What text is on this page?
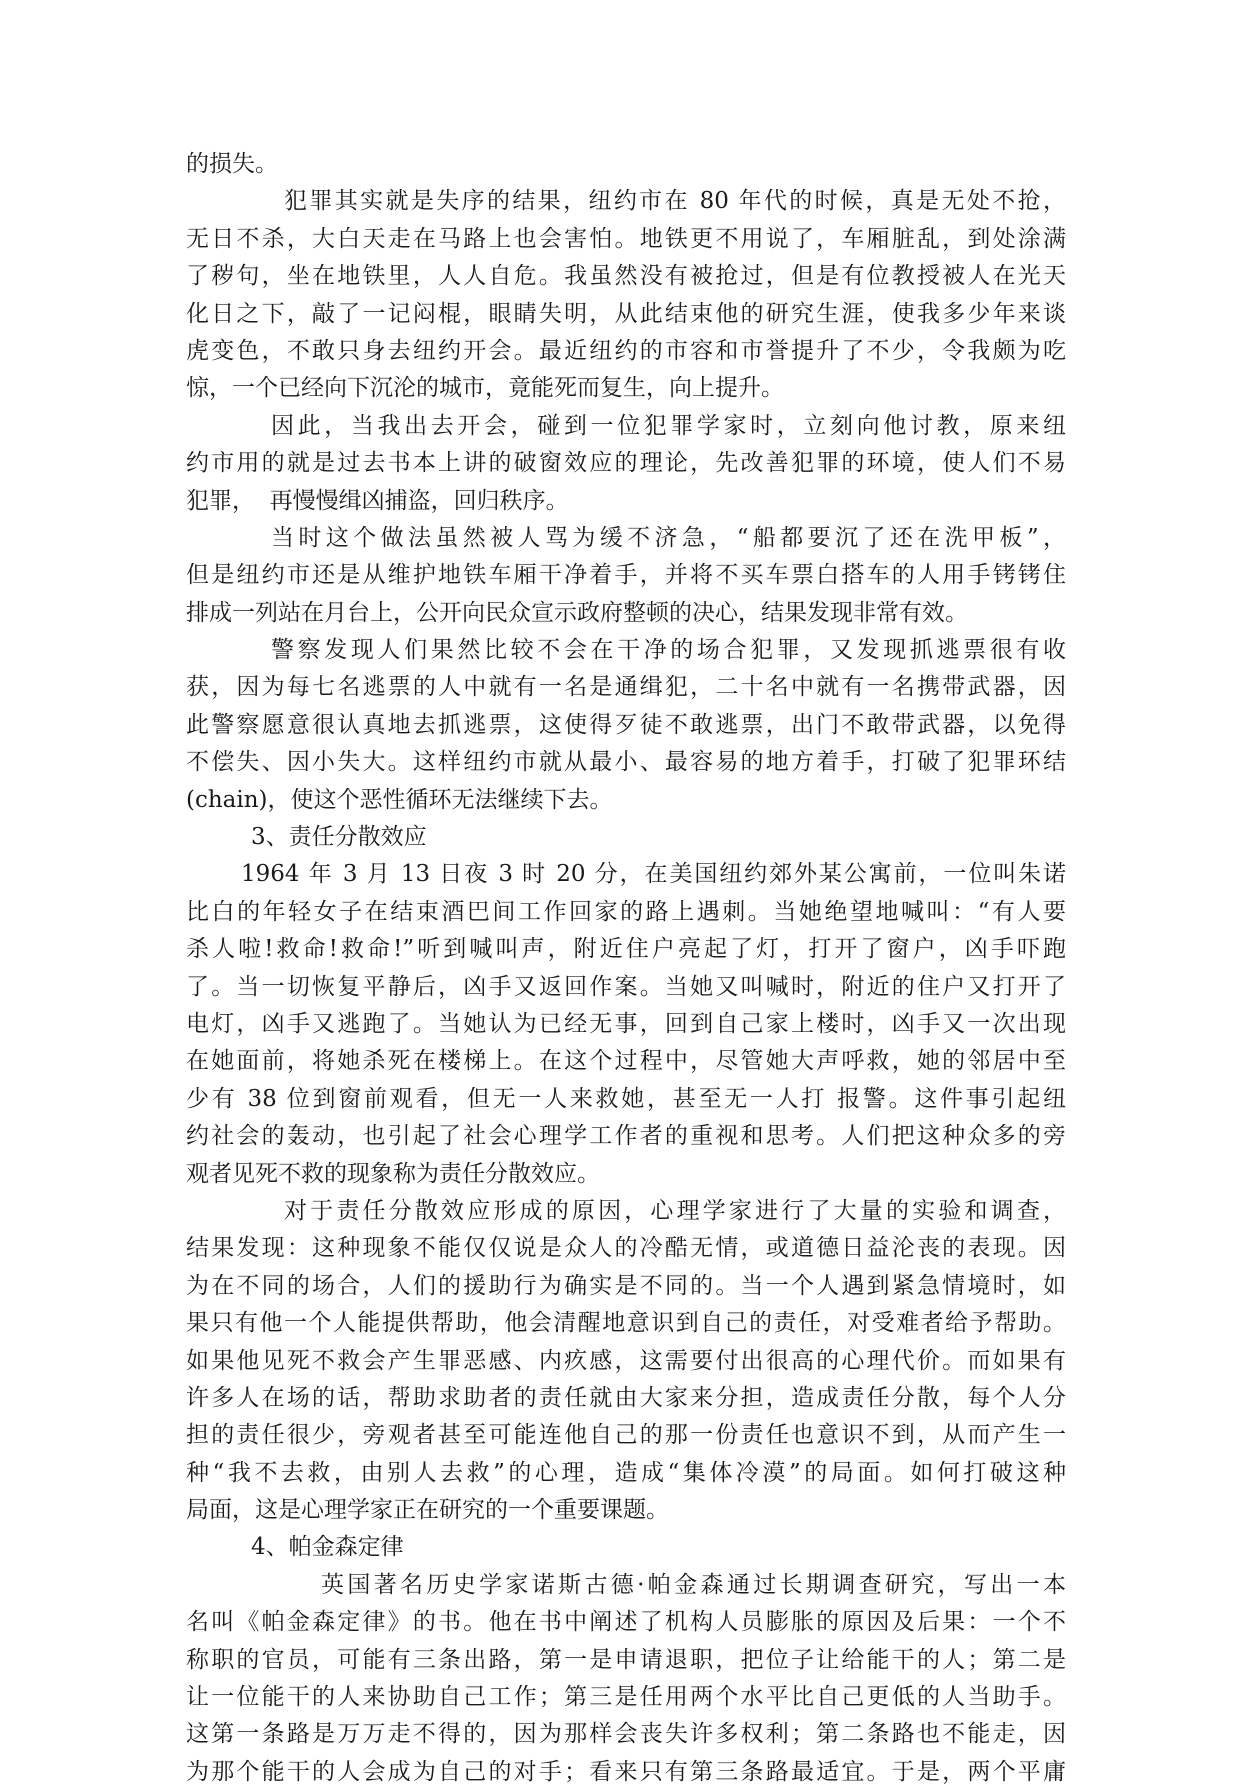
的损失。
犯罪其实就是失序的结果，纽约市在 80 年代的时候，真是无处不抢，
无日不杀，大白天走在马路上也会害怕。地铁更不用说了，车厢脏乱，到处涂满
了秽句，坐在地铁里，人人自危。我虽然没有被抢过，但是有位教授被人在光天
化日之下，敲了一记闷棍，眼睛失明，从此结束他的研究生涯，使我多少年来谈
虎变色，不敢只身去纽约开会。最近纽约的市容和市誉提升了不少，令我颇为吃
惊，一个已经向下沉沦的城市，竟能死而复生，向上提升。
因此，当我出去开会，碰到一位犯罪学家时，立刻向他讨教，原来纽
约市用的就是过去书本上讲的破窗效应的理论，先改善犯罪的环境，使人们不易
犯罪，  再慢慢缉凶捕盗，回归秩序。
当时这个做法虽然被人骂为缓不济急，“船都要沉了还在洗甲板”，
但是纽约市还是从维护地铁车厢干净着手，并将不买车票白搭车的人用手铐铐住
排成一列站在月台上，公开向民众宣示政府整顿的决心，结果发现非常有效。
警察发现人们果然比较不会在干净的场合犯罪，又发现抓逃票很有收
获，因为每七名逃票的人中就有一名是通缉犯，二十名中就有一名携带武器，因
此警察愿意很认真地去抓逃票，这使得歹徒不敢逃票，出门不敢带武器，以免得
不偿失、因小失大。这样纽约市就从最小、最容易的地方着手，打破了犯罪环结
(chain)，使这个恶性循环无法继续下去。
3、责任分散效应
1964 年 3 月 13 日夜 3 时 20 分，在美国纽约郊外某公寓前，一位叫朱诺
比白的年轻女子在结束酒巴间工作回家的路上遇刺。当她绝望地喊叫：“有人要
杀人啦!救命!救命!”听到喊叫声，附近住户亮起了灯，打开了窗户，凶手吓跑
了。当一切恢复平静后，凶手又返回作案。当她又叫喊时，附近的住户又打开了
电灯，凶手又逃跑了。当她认为已经无事，回到自己家上楼时，凶手又一次出现
在她面前，将她杀死在楼梯上。在这个过程中，尽管她大声呼救，她的邻居中至
少有 38 位到窗前观看，但无一人来救她，甚至无一人打 报警。这件事引起纽
约社会的轰动，也引起了社会心理学工作者的重视和思考。人们把这种众多的旁
观者见死不救的现象称为责任分散效应。
对于责任分散效应形成的原因，心理学家进行了大量的实验和调查，
结果发现：这种现象不能仅仅说是众人的冷酷无情，或道德日益沦丧的表现。因
为在不同的场合，人们的援助行为确实是不同的。当一个人遇到紧急情境时，如
果只有他一个人能提供帮助，他会清醒地意识到自己的责任，对受难者给予帮助。
如果他见死不救会产生罪恶感、内疚感，这需要付出很高的心理代价。而如果有
许多人在场的话，帮助求助者的责任就由大家来分担，造成责任分散，每个人分
担的责任很少，旁观者甚至可能连他自己的那一份责任也意识不到，从而产生一
种“我不去救，由别人去救”的心理，造成“集体冷漠”的局面。如何打破这种
局面，这是心理学家正在研究的一个重要课题。
4、帕金森定律
英国著名历史学家诺斯古德·帕金森通过长期调查研究，写出一本
名叫《帕金森定律》的书。他在书中阐述了机构人员膨胀的原因及后果：一个不
称职的官员，可能有三条出路，第一是申请退职，把位子让给能干的人；第二是
让一位能干的人来协助自己工作；第三是任用两个水平比自己更低的人当助手。
这第一条路是万万走不得的，因为那样会丧失许多权利；第二条路也不能走，因
为那个能干的人会成为自己的对手；看来只有第三条路最适宜。于是，两个平庸
